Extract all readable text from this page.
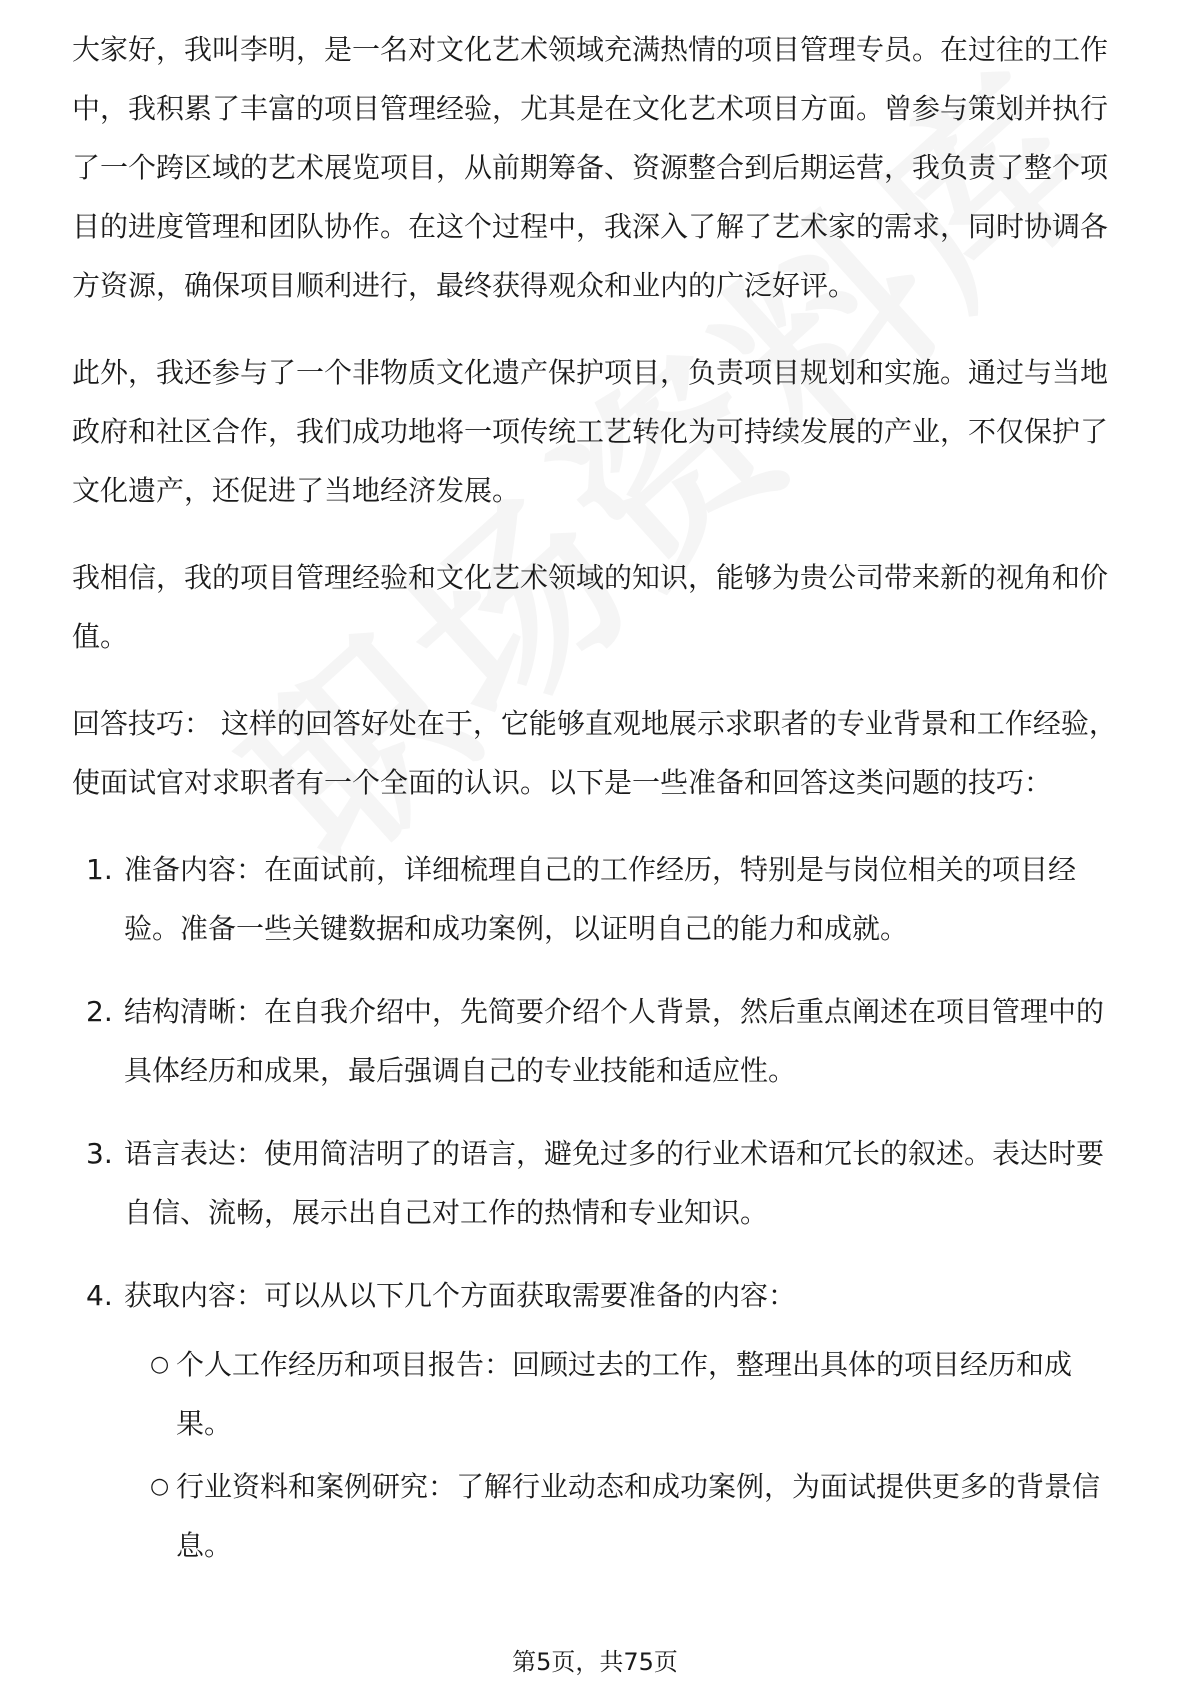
大家好，我叫李明，是一名对文化艺术领域充满热情的项目管理专员。在过往的工作中，我积累了丰富的项目管理经验，尤其是在文化艺术项目方面。曾参与策划并执行了一个跨区域的艺术展览项目，从前期筹备、资源整合到后期运营，我负责了整个项目的进度管理和团队协作。在这个过程中，我深入了解了艺术家的需求，同时协调各方资源，确保项目顺利进行，最终获得观众和业内的广泛好评。

此外，我还参与了一个非物质文化遗产保护项目，负责项目规划和实施。通过与当地政府和社区合作，我们成功地将一项传统工艺转化为可持续发展的产业，不仅保护了文化遗产，还促进了当地经济发展。

我相信，我的项目管理经验和文化艺术领域的知识，能够为贵公司带来新的视角和价值。

回答技巧： 这样的回答好处在于，它能够直观地展示求职者的专业背景和工作经验，使面试官对求职者有一个全面的认识。以下是一些准备和回答这类问题的技巧：

1. 准备内容：在面试前，详细梳理自己的工作经历，特别是与岗位相关的项目经验。准备一些关键数据和成功案例，以证明自己的能力和成就。
2. 结构清晰：在自我介绍中，先简要介绍个人背景，然后重点阐述在项目管理中的具体经历和成果，最后强调自己的专业技能和适应性。
3. 语言表达：使用简洁明了的语言，避免过多的行业术语和冗长的叙述。表达时要自信、流畅，展示出自己对工作的热情和专业知识。
4. 获取内容：可以从以下几个方面获取需要准备的内容：
○ 个人工作经历和项目报告：回顾过去的工作，整理出具体的项目经历和成果。
○ 行业资料和案例研究：了解行业动态和成功案例，为面试提供更多的背景信息。
第5页，共75页
